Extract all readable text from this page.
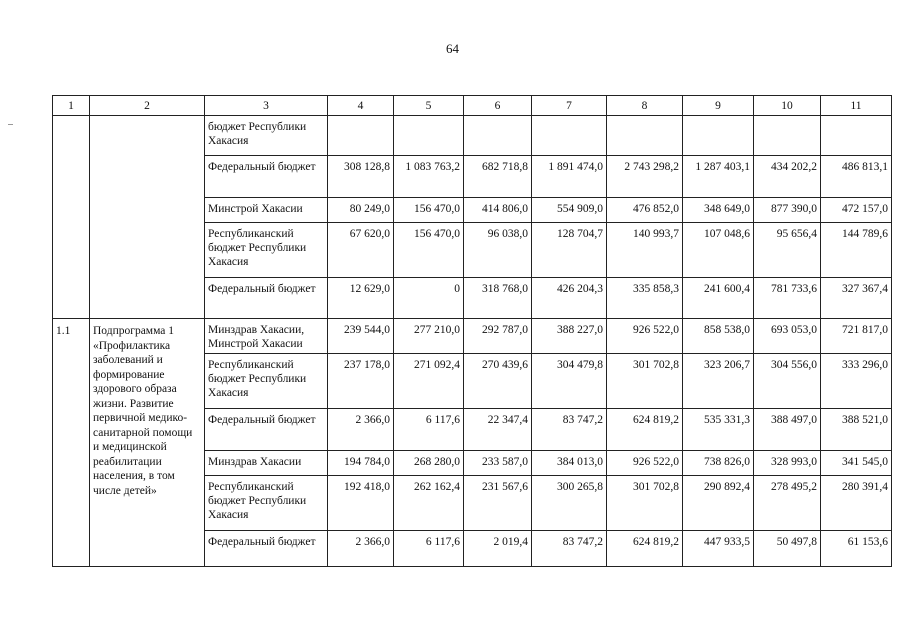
64
1	2	3	4	5	6	7	8	9	10	11
		бюджет Республики Хакасия								
		Федеральный бюджет	308 128,8	1 083 763,2	682 718,8	1 891 474,0	2 743 298,2	1 287 403,1	434 202,2	486 813,1
		Минстрой Хакасии	80 249,0	156 470,0	414 806,0	554 909,0	476 852,0	348 649,0	877 390,0	472 157,0
		Республиканский бюджет Республики Хакасия	67 620,0	156 470,0	96 038,0	128 704,7	140 993,7	107 048,6	95 656,4	144 789,6
		Федеральный бюджет	12 629,0	0	318 768,0	426 204,3	335 858,3	241 600,4	781 733,6	327 367,4
1.1	Подпрограмма 1 «Профилактика заболеваний и формирование здорового образа жизни. Развитие первичной медико-санитарной помощи и медицинской реабилитации населения, в том числе детей»	Минздрав Хакасии, Минстрой Хакасии	239 544,0	277 210,0	292 787,0	388 227,0	926 522,0	858 538,0	693 053,0	721 817,0
		Республиканский бюджет Республики Хакасия	237 178,0	271 092,4	270 439,6	304 479,8	301 702,8	323 206,7	304 556,0	333 296,0
		Федеральный бюджет	2 366,0	6 117,6	22 347,4	83 747,2	624 819,2	535 331,3	388 497,0	388 521,0
		Минздрав Хакасии	194 784,0	268 280,0	233 587,0	384 013,0	926 522,0	738 826,0	328 993,0	341 545,0
		Республиканский бюджет Республики Хакасия	192 418,0	262 162,4	231 567,6	300 265,8	301 702,8	290 892,4	278 495,2	280 391,4
		Федеральный бюджет	2 366,0	6 117,6	2 019,4	83 747,2	624 819,2	447 933,5	50 497,8	61 153,6
